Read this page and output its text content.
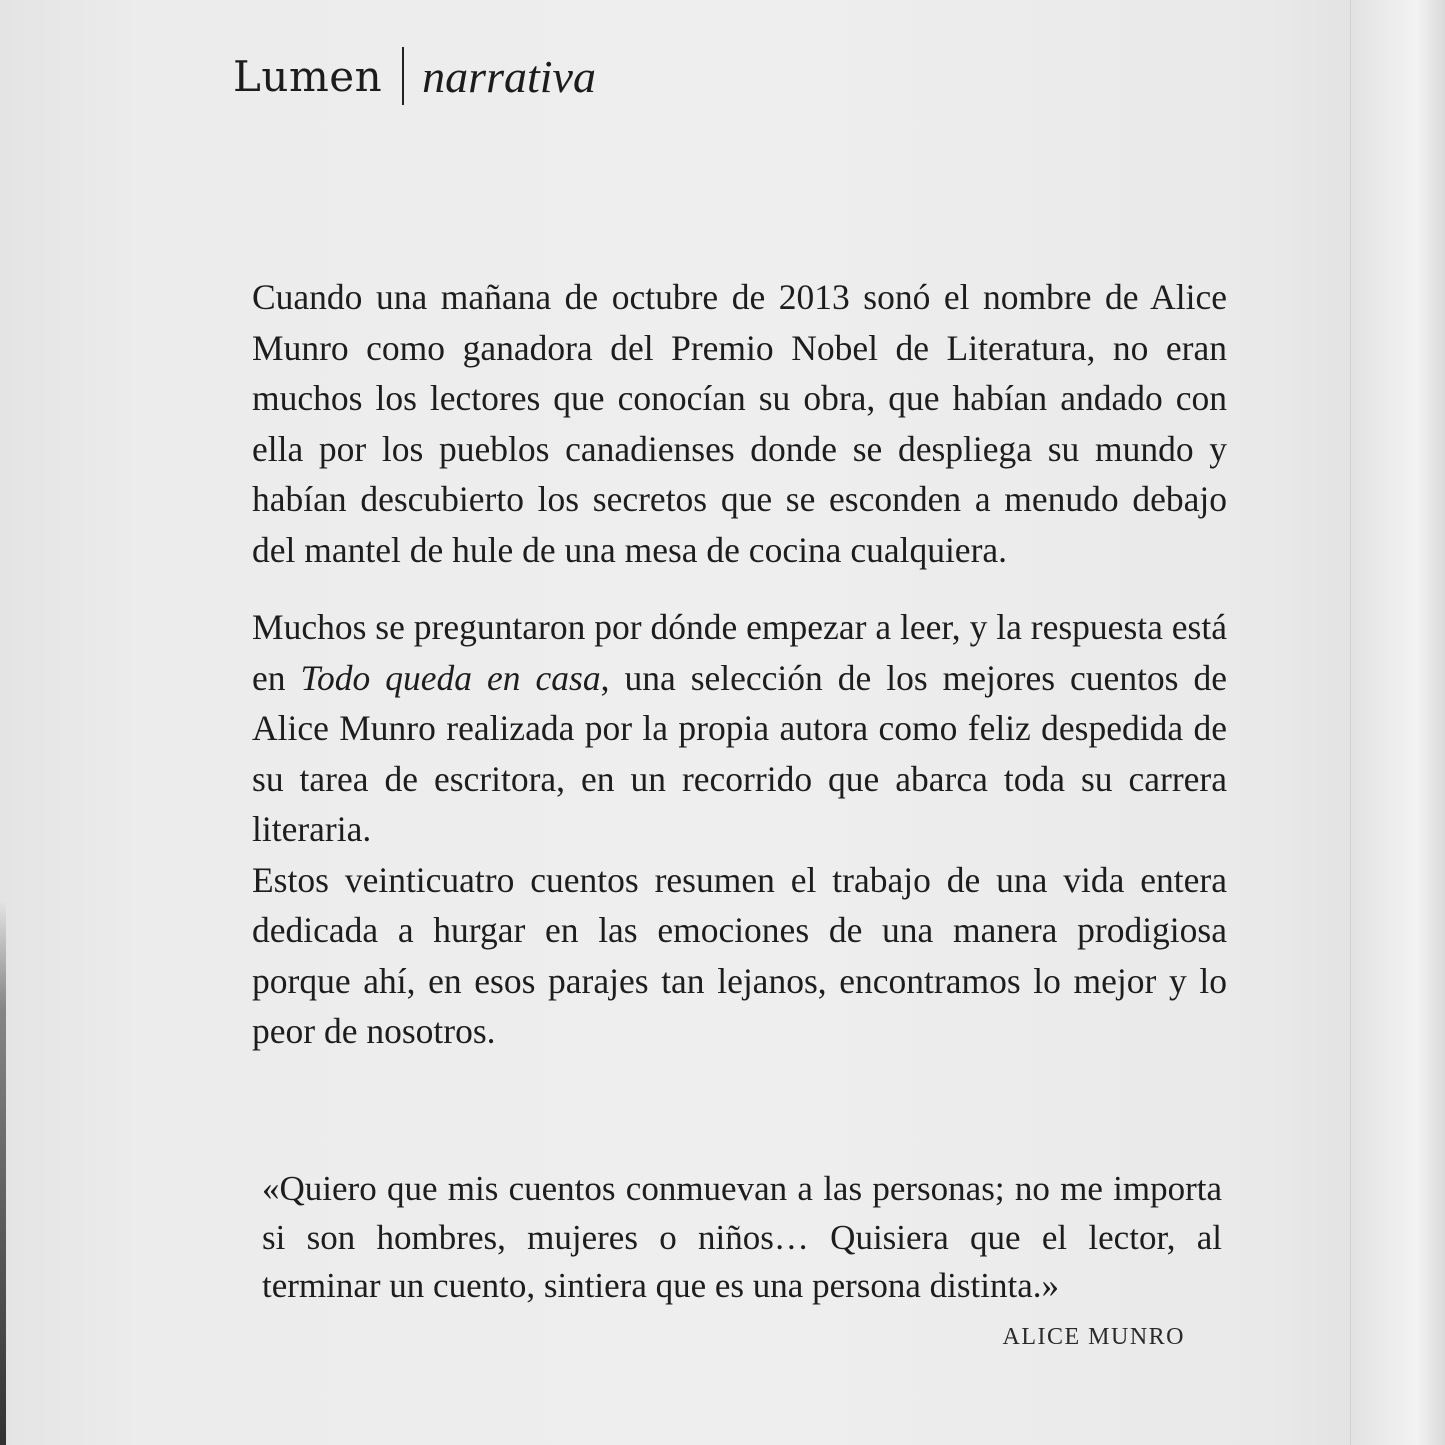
Lumen narrativa

Cuando una mañana de octubre de 2013 sonó el nombre de Alice Munro como ganadora del Premio Nobel de Literatura, no eran muchos los lectores que conocían su obra, que habían andado con ella por los pueblos canadienses donde se despliega su mundo y habían descubierto los secretos que se esconden a menudo debajo del mantel de hule de una mesa de cocina cualquiera.

Muchos se preguntaron por dónde empezar a leer, y la respuesta está en Todo queda en casa, una selección de los mejores cuentos de Alice Munro realizada por la propia autora como feliz despedida de su tarea de escritora, en un recorrido que abarca toda su carrera literaria.

Estos veinticuatro cuentos resumen el trabajo de una vida entera dedicada a hurgar en las emociones de una manera prodigiosa porque ahí, en esos parajes tan lejanos, encontramos lo mejor y lo peor de nosotros.

«Quiero que mis cuentos conmuevan a las personas; no me importa si son hombres, mujeres o niños… Quisiera que el lector, al terminar un cuento, sintiera que es una persona distinta.»
ALICE MUNRO
